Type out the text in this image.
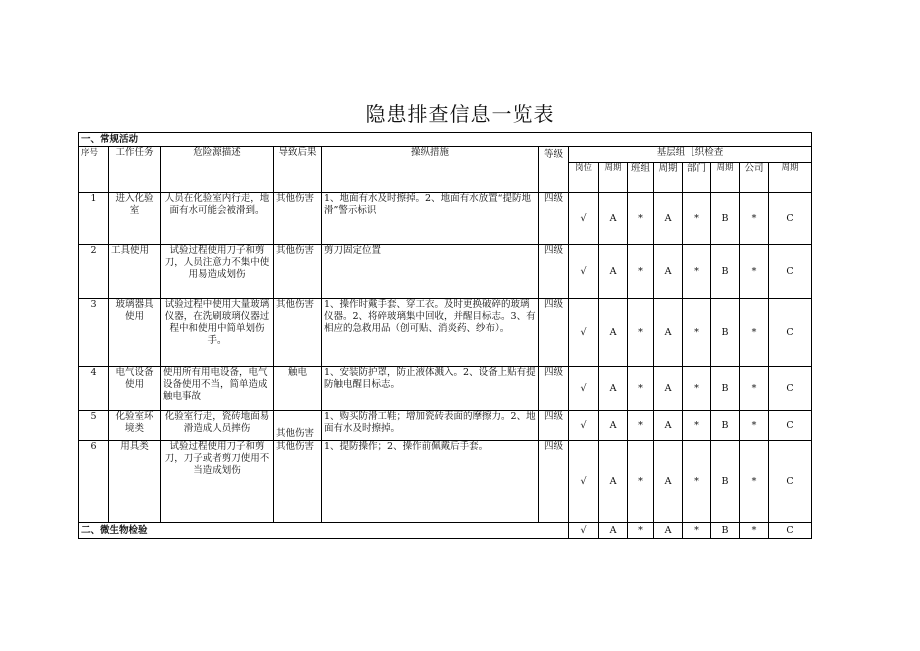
隐患排查信息一览表
一、常规活动													
序号	工作任务	危险源描述	导致后果	操纵措施	等级	基层组［织检查							
						岗位	周期	班组	周期	部门	周期	公司	周期
1	进入化验室	人员在化验室内行走，地面有水可能会被滑到。	其他伤害	1、地面有水及时擦掉。2、地面有水放置“提防地滑”警示标识	四级	√	A	*	A	*	B	*	C
2	工具使用	试验过程使用刀子和剪刀，人员注意力不集中使用易造成划伤	其他伤害	剪刀固定位置	四级	√	A	*	A	*	B	*	C
3	玻璃器具使用	试验过程中使用大量玻璃仪器，在洗刷玻璃仪器过程中和使用中简单划伤手。	其他伤害	1、操作时戴手套、穿工衣。及时更换破碎的玻璃仪器。2、将碎玻璃集中回收，并醒目标志。3、有相应的急救用品（创可贴、消炎药、纱布）。	四级	√	A	*	A	*	B	*	C
4	电气设备使用	使用所有用电设备，电气设备使用不当，简单造成触电事故	触电	1、安装防护罩，防止液体溅入。2、设备上贴有提防触电醒目标志。	四级	√	A	*	A	*	B	*	C
5	化验室环境类	化验室行走，瓷砖地面易滑造成人员摔伤	其他伤害	1、购买防滑工鞋；增加瓷砖表面的摩擦力。2、地面有水及时擦掉。	四级	√	A	*	A	*	B	*	C
6	用具类	试验过程使用刀子和剪刀，刀子或者剪刀使用不当造成划伤	其他伤害	1、提防操作；2、操作前佩戴后手套。	四级	√	A	*	A	*	B	*	C
二、微生物检验						√	A	*	A	*	B	*	C
